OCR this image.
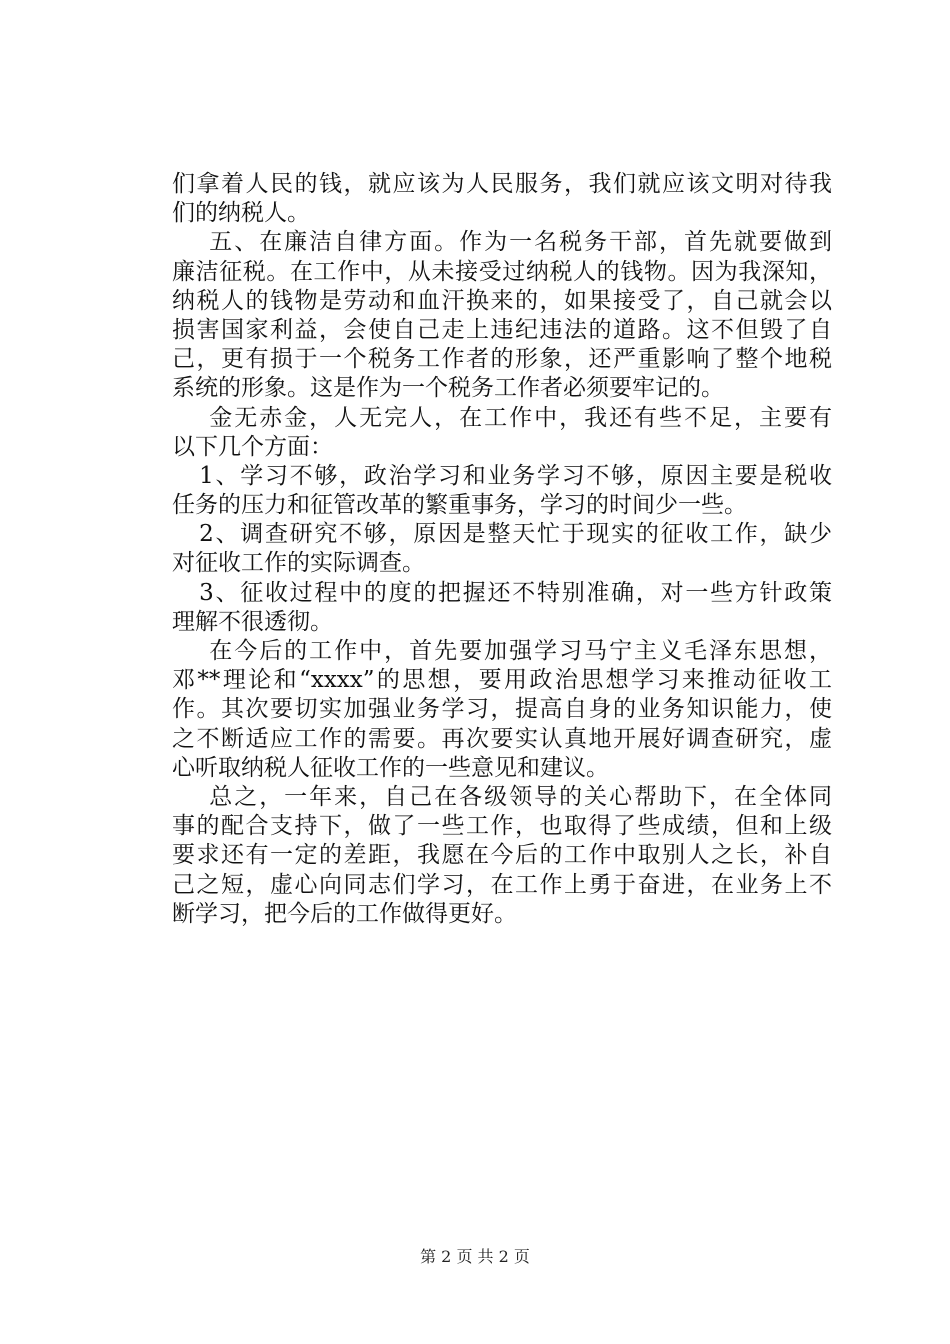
们拿着人民的钱，就应该为人民服务，我们就应该文明对待我
们的纳税人。
五、在廉洁自律方面。作为一名税务干部，首先就要做到
廉洁征税。在工作中，从未接受过纳税人的钱物。因为我深知，
纳税人的钱物是劳动和血汗换来的，如果接受了，自己就会以
损害国家利益，会使自己走上违纪违法的道路。这不但毁了自
己，更有损于一个税务工作者的形象，还严重影响了整个地税
系统的形象。这是作为一个税务工作者必须要牢记的。
金无赤金，人无完人，在工作中，我还有些不足，主要有
以下几个方面：
1、学习不够，政治学习和业务学习不够，原因主要是税收
任务的压力和征管改革的繁重事务，学习的时间少一些。
2、调查研究不够，原因是整天忙于现实的征收工作，缺少
对征收工作的实际调查。
3、征收过程中的度的把握还不特别准确，对一些方针政策
理解不很透彻。
在今后的工作中，首先要加强学习马宁主义毛泽东思想，
邓**理论和“xxxx”的思想，要用政治思想学习来推动征收工
作。其次要切实加强业务学习，提高自身的业务知识能力，使
之不断适应工作的需要。再次要实认真地开展好调查研究，虚
心听取纳税人征收工作的一些意见和建议。
总之，一年来，自己在各级领导的关心帮助下，在全体同
事的配合支持下，做了一些工作，也取得了些成绩，但和上级
要求还有一定的差距，我愿在今后的工作中取别人之长，补自
己之短，虚心向同志们学习，在工作上勇于奋进，在业务上不
断学习，把今后的工作做得更好。
第 2 页 共 2 页
